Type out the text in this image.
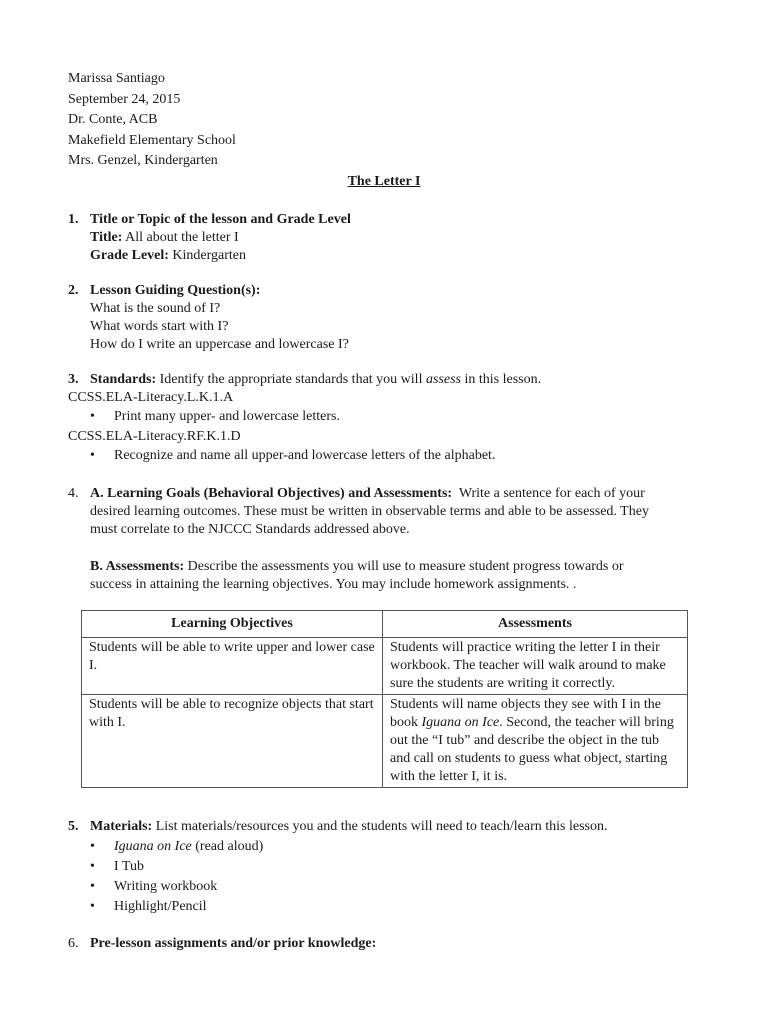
Marissa Santiago
September 24, 2015
Dr. Conte, ACB
Makefield Elementary School
Mrs. Genzel, Kindergarten
The Letter I
1. Title or Topic of the lesson and Grade Level
Title: All about the letter I
Grade Level: Kindergarten
2. Lesson Guiding Question(s):
What is the sound of I?
What words start with I?
How do I write an uppercase and lowercase I?
3. Standards: Identify the appropriate standards that you will assess in this lesson.
CCSS.ELA-Literacy.L.K.1.A
• Print many upper- and lowercase letters.
CCSS.ELA-Literacy.RF.K.1.D
• Recognize and name all upper-and lowercase letters of the alphabet.
4. A. Learning Goals (Behavioral Objectives) and Assessments: Write a sentence for each of your
desired learning outcomes. These must be written in observable terms and able to be assessed. They
must correlate to the NJCCC Standards addressed above.
B. Assessments: Describe the assessments you will use to measure student progress towards or
success in attaining the learning objectives. You may include homework assignments. .
Learning Objectives	Assessments
Students will be able to write upper and lower case I.	Students will practice writing the letter I in their workbook. The teacher will walk around to make sure the students are writing it correctly.
Students will be able to recognize objects that start with I.	Students will name objects they see with I in the book Iguana on Ice. Second, the teacher will bring out the “I tub” and describe the object in the tub and call on students to guess what object, starting with the letter I, it is.
5. Materials: List materials/resources you and the students will need to teach/learn this lesson.
• Iguana on Ice (read aloud)
• I Tub
• Writing workbook
• Highlight/Pencil
6. Pre-lesson assignments and/or prior knowledge:
